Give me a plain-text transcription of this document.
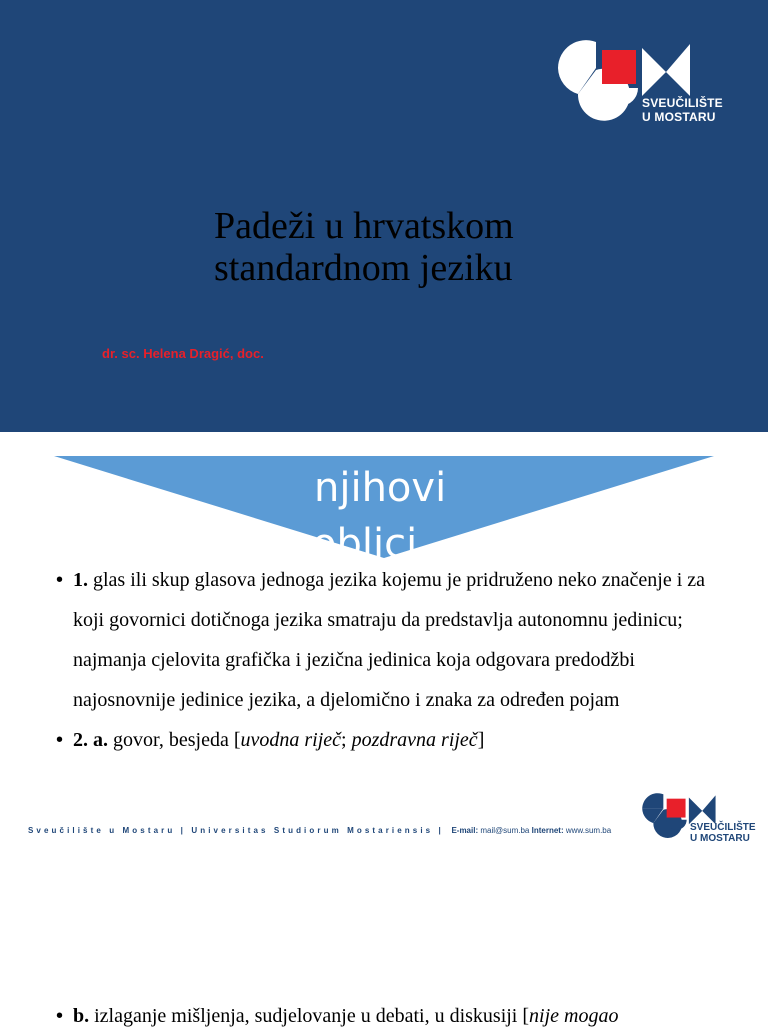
SVEUČILIŠTE
U MOSTARU
Padeži u hrvatskom
standardnom jeziku
dr. sc. Helena Dragić, doc.
njihovi
oblici

• 1. glas ili skup glasova jednoga jezika kojemu je pridruženo neko značenje i za koji govornici dotičnoga jezika smatraju da predstavlja autonomnu jedinicu; najmanja cjelovita grafička i jezična jedinica koja odgovara predodžbi najosnovnije jedinice jezika, a djelomično i znaka za određen pojam

• 2. a. govor, besjeda [uvodna riječ; pozdravna riječ]

Sveučilište u Mostaru | Universitas Studiorum Mostariensis | E-mail: mail@sum.ba Internet: www.sum.ba	SVEUČILIŠTE
U MOSTARU

• b. izlaganje mišljenja, sudjelovanje u debati, u diskusiji [nije mogao
